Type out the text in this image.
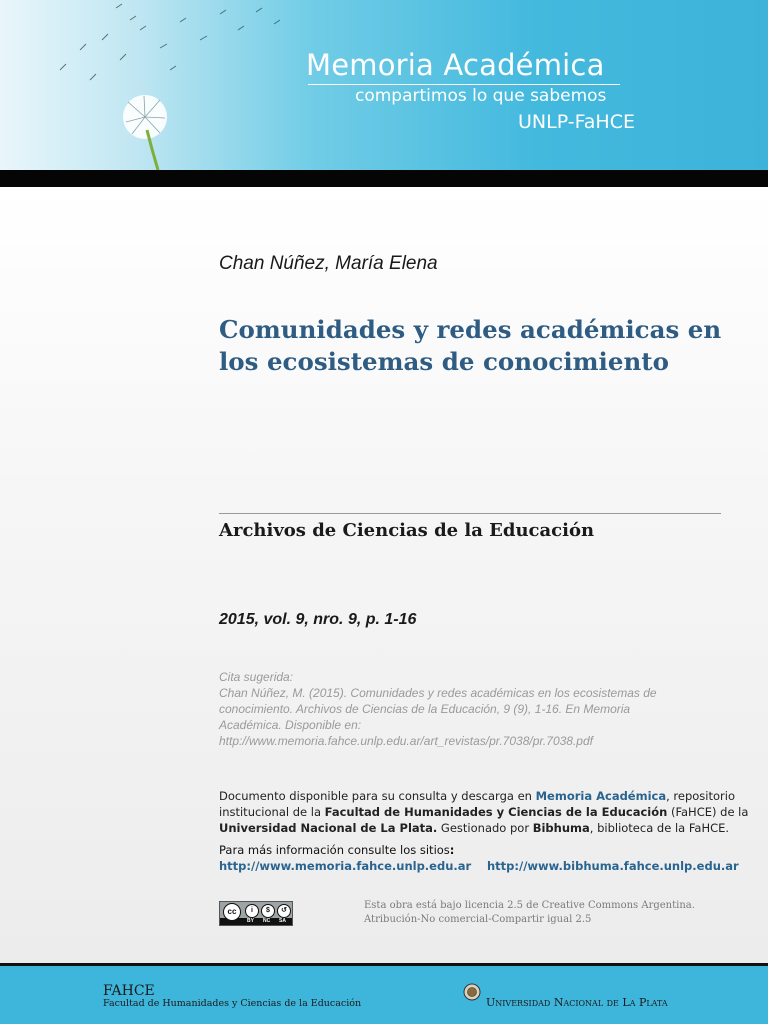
Memoria Académica
compartimos lo que sabemos
UNLP-FaHCE
Chan Núñez, María Elena
Comunidades y redes académicas en los ecosistemas de conocimiento
Archivos de Ciencias de la Educación
2015, vol. 9, nro. 9, p. 1-16
Cita sugerida:
Chan Núñez, M. (2015). Comunidades y redes académicas en los ecosistemas de
conocimiento. Archivos de Ciencias de la Educación, 9 (9), 1-16. En Memoria
Académica. Disponible en:
http://www.memoria.fahce.unlp.edu.ar/art_revistas/pr.7038/pr.7038.pdf
Documento disponible para su consulta y descarga en Memoria Académica, repositorio
institucional de la Facultad de Humanidades y Ciencias de la Educación (FaHCE) de la
Universidad Nacional de La Plata. Gestionado por Bibhuma, biblioteca de la FaHCE.
Para más información consulte los sitios:
http://www.memoria.fahce.unlp.edu.ar http://www.bibhuma.fahce.unlp.edu.ar
cc	i	$	↺
BY NC SA
Esta obra está bajo licencia 2.5 de Creative Commons Argentina.
Atribución-No comercial-Compartir igual 2.5
FAHCE
Facultad de Humanidades y Ciencias de la Educación	Universidad Nacional de La Plata
